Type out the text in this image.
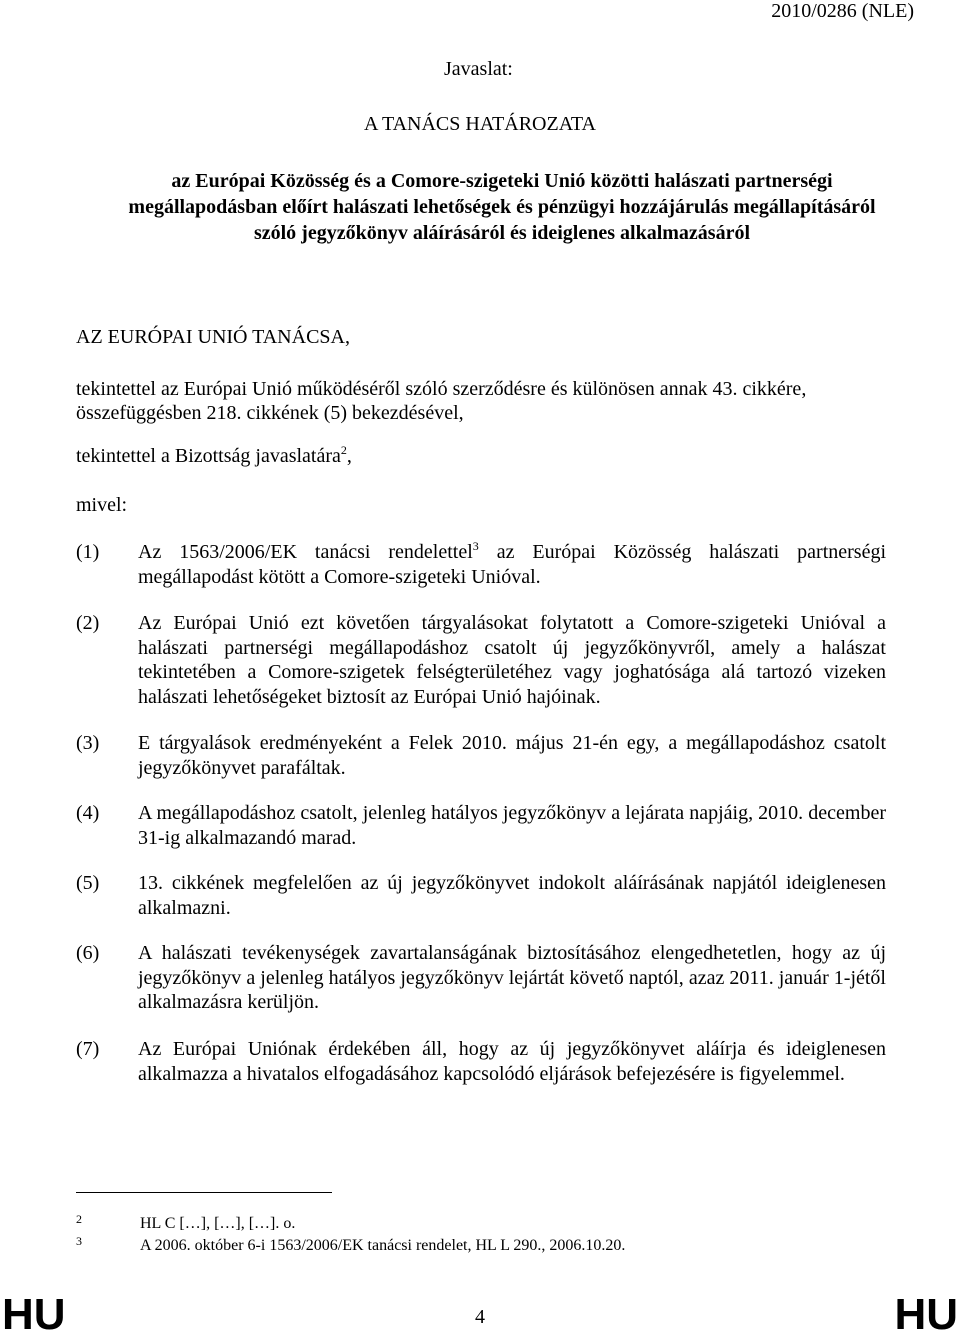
2010/0286 (NLE)
Javaslat:
A TANÁCS HATÁROZATA
az Európai Közösség és a Comore-szigeteki Unió közötti halászati partnerségi megállapodásban előírt halászati lehetőségek és pénzügyi hozzájárulás megállapításáról szóló jegyzőkönyv aláírásáról és ideiglenes alkalmazásáról
AZ EURÓPAI UNIÓ TANÁCSA,
tekintettel az Európai Unió működéséről szóló szerződésre és különösen annak 43. cikkére, összefüggésben 218. cikkének (5) bekezdésével,
tekintettel a Bizottság javaslatára$^2$,
mivel:
(1) Az 1563/2006/EK tanácsi rendelettel$^3$ az Európai Közösség halászati partnerségi megállapodást kötött a Comore-szigeteki Unióval.
(2) Az Európai Unió ezt követően tárgyalásokat folytatott a Comore-szigeteki Unióval a halászati partnerségi megállapodáshoz csatolt új jegyzőkönyvről, amely a halászat tekintetében a Comore-szigetek felségterületéhez vagy joghatósága alá tartozó vizeken halászati lehetőségeket biztosít az Európai Unió hajóinak.
(3) E tárgyalások eredményeként a Felek 2010. május 21-én egy, a megállapodáshoz csatolt jegyzőkönyvet parafáltak.
(4) A megállapodáshoz csatolt, jelenleg hatályos jegyzőkönyv a lejárata napjáig, 2010. december 31-ig alkalmazandó marad.
(5) 13. cikkének megfelelően az új jegyzőkönyvet indokolt aláírásának napjától ideiglenesen alkalmazni.
(6) A halászati tevékenységek zavartalanságának biztosításához elengedhetetlen, hogy az új jegyzőkönyv a jelenleg hatályos jegyzőkönyv lejártát követő naptól, azaz 2011. január 1-jétől alkalmazásra kerüljön.
(7) Az Európai Uniónak érdekében áll, hogy az új jegyzőkönyvet aláírja és ideiglenesen alkalmazza a hivatalos elfogadásához kapcsolódó eljárások befejezésére is figyelemmel.
2	HL C […], […], […]. o.
3	A 2006. október 6-i 1563/2006/EK tanácsi rendelet, HL L 290., 2006.10.20.
HU	4	HU
